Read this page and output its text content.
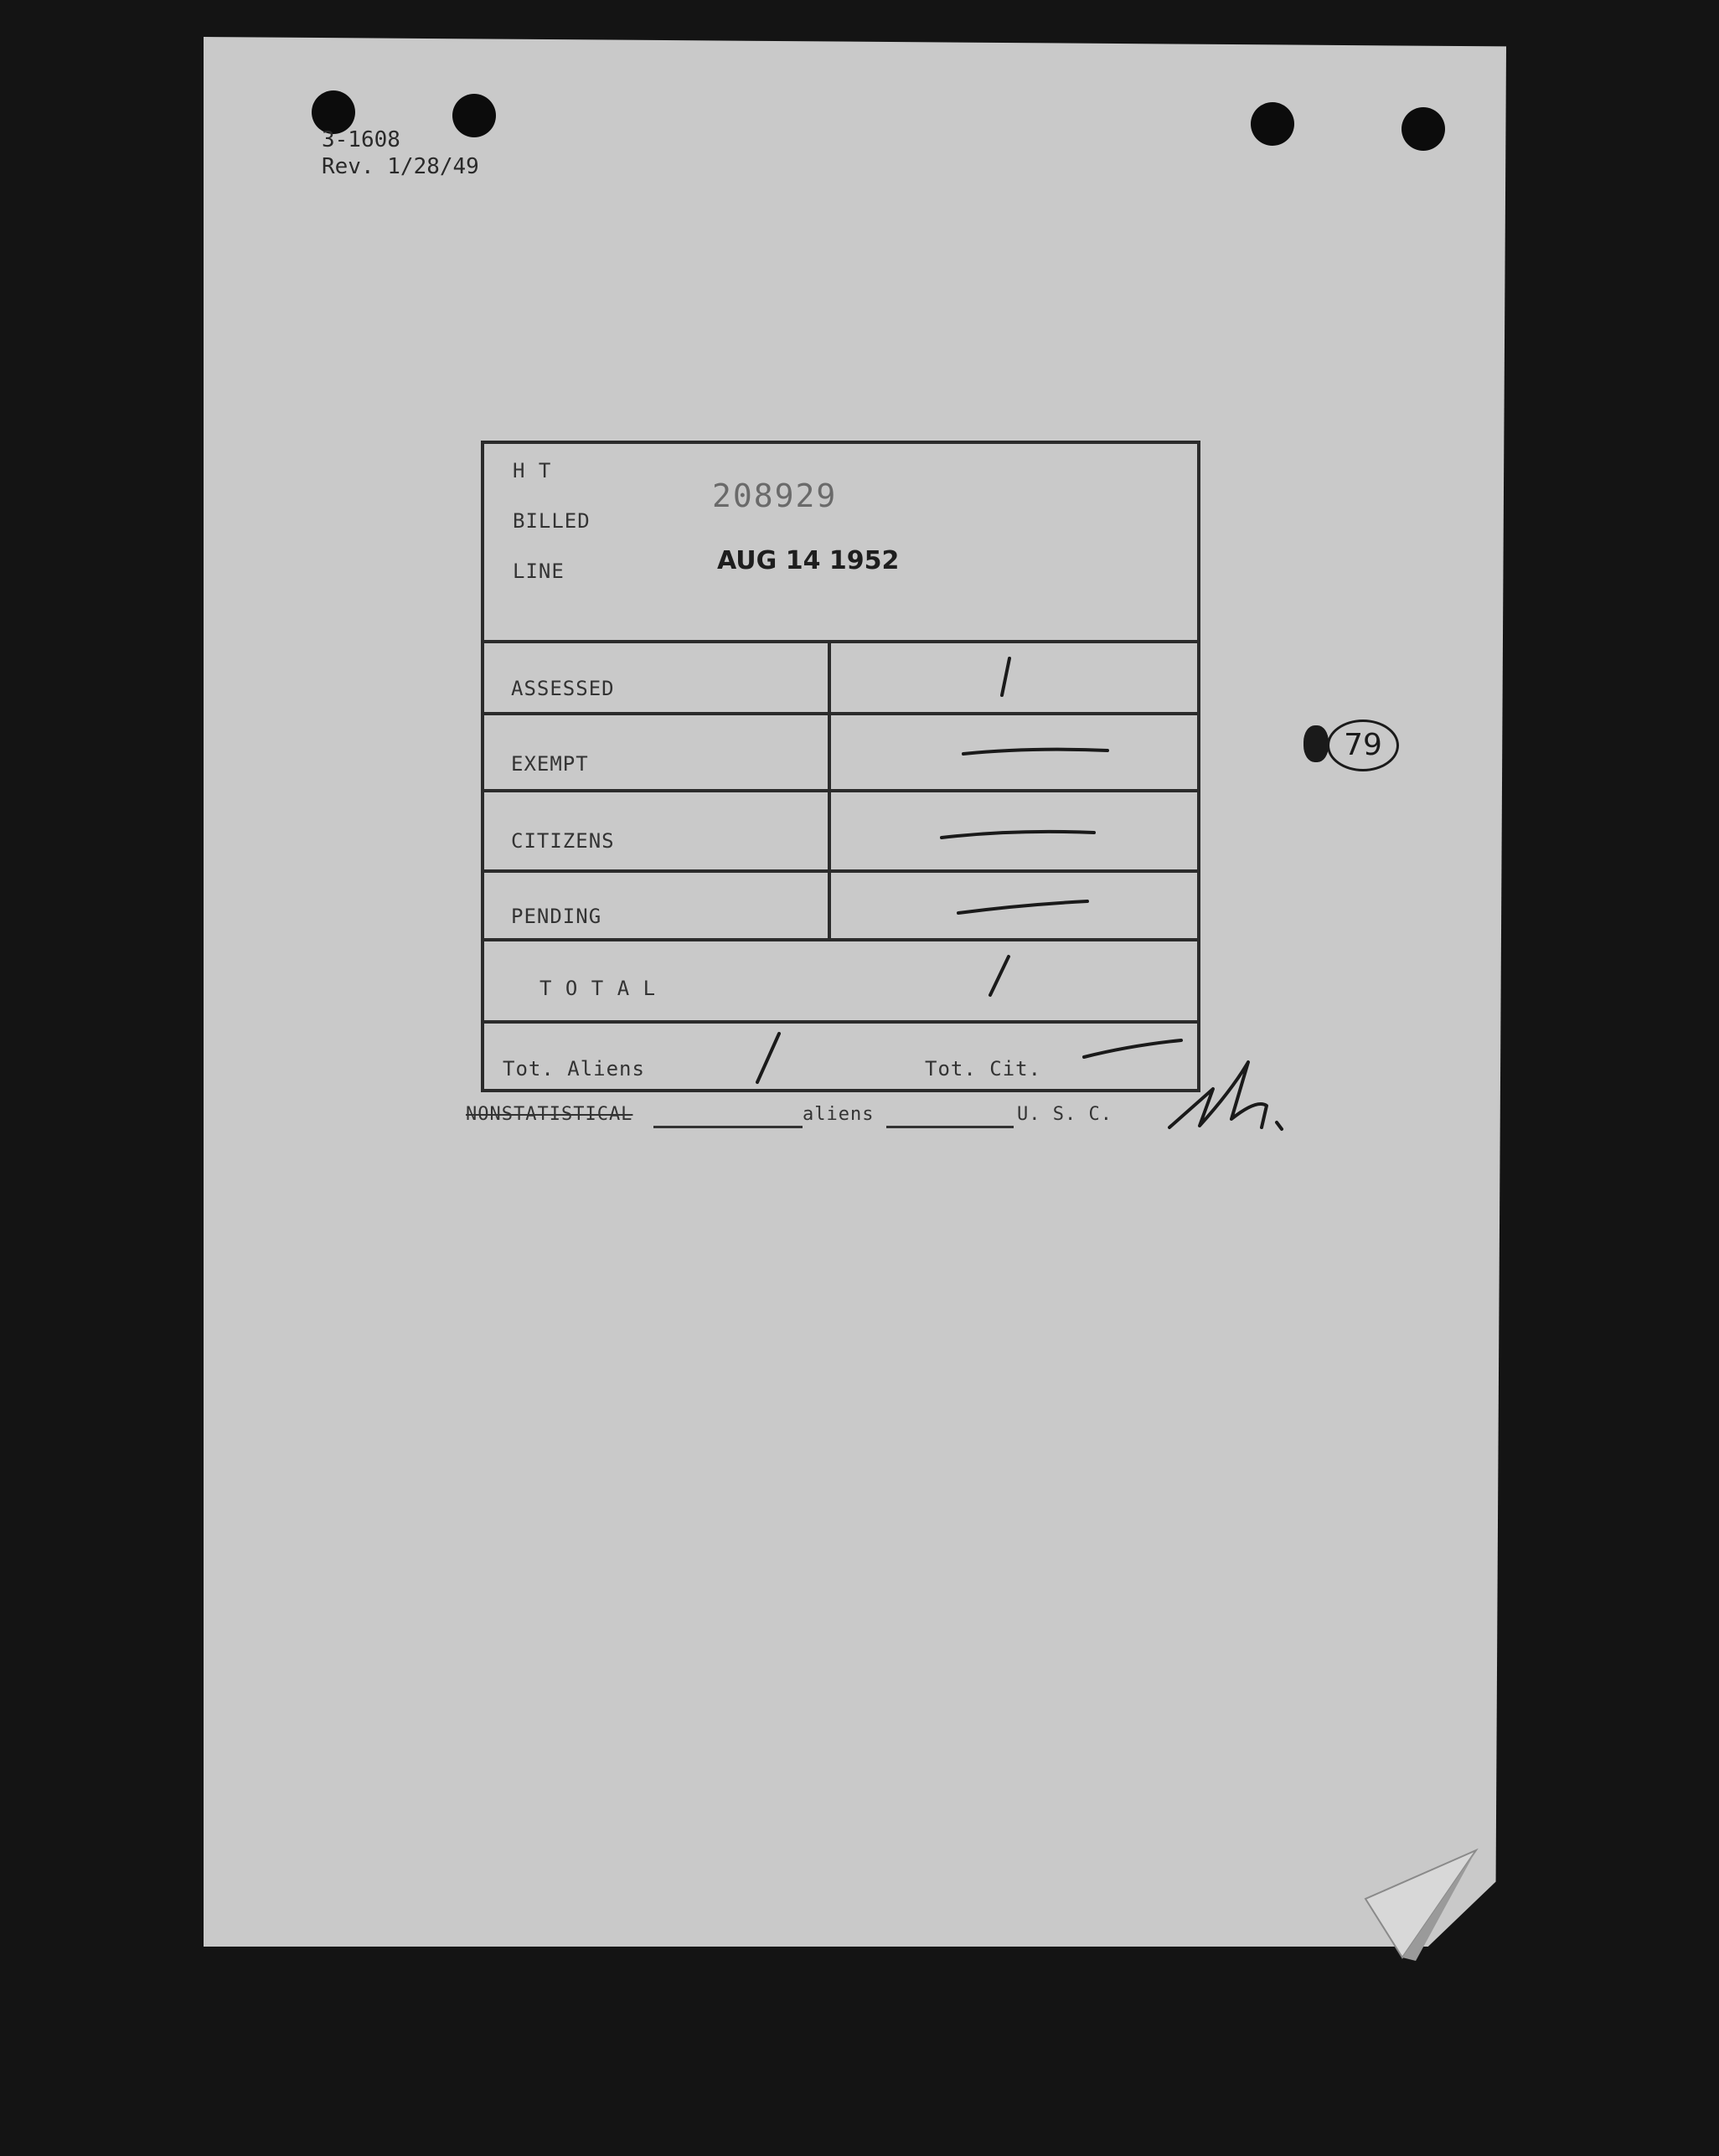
3-1608
Rev. 1/28/49
H T
BILLED
LINE
208929
AUG 14 1952
ASSESSED
EXEMPT
CITIZENS
PENDING
T O T A L
Tot. Aliens	Tot. Cit.
NONSTATISTICAL	aliens	U. S. C.
79
